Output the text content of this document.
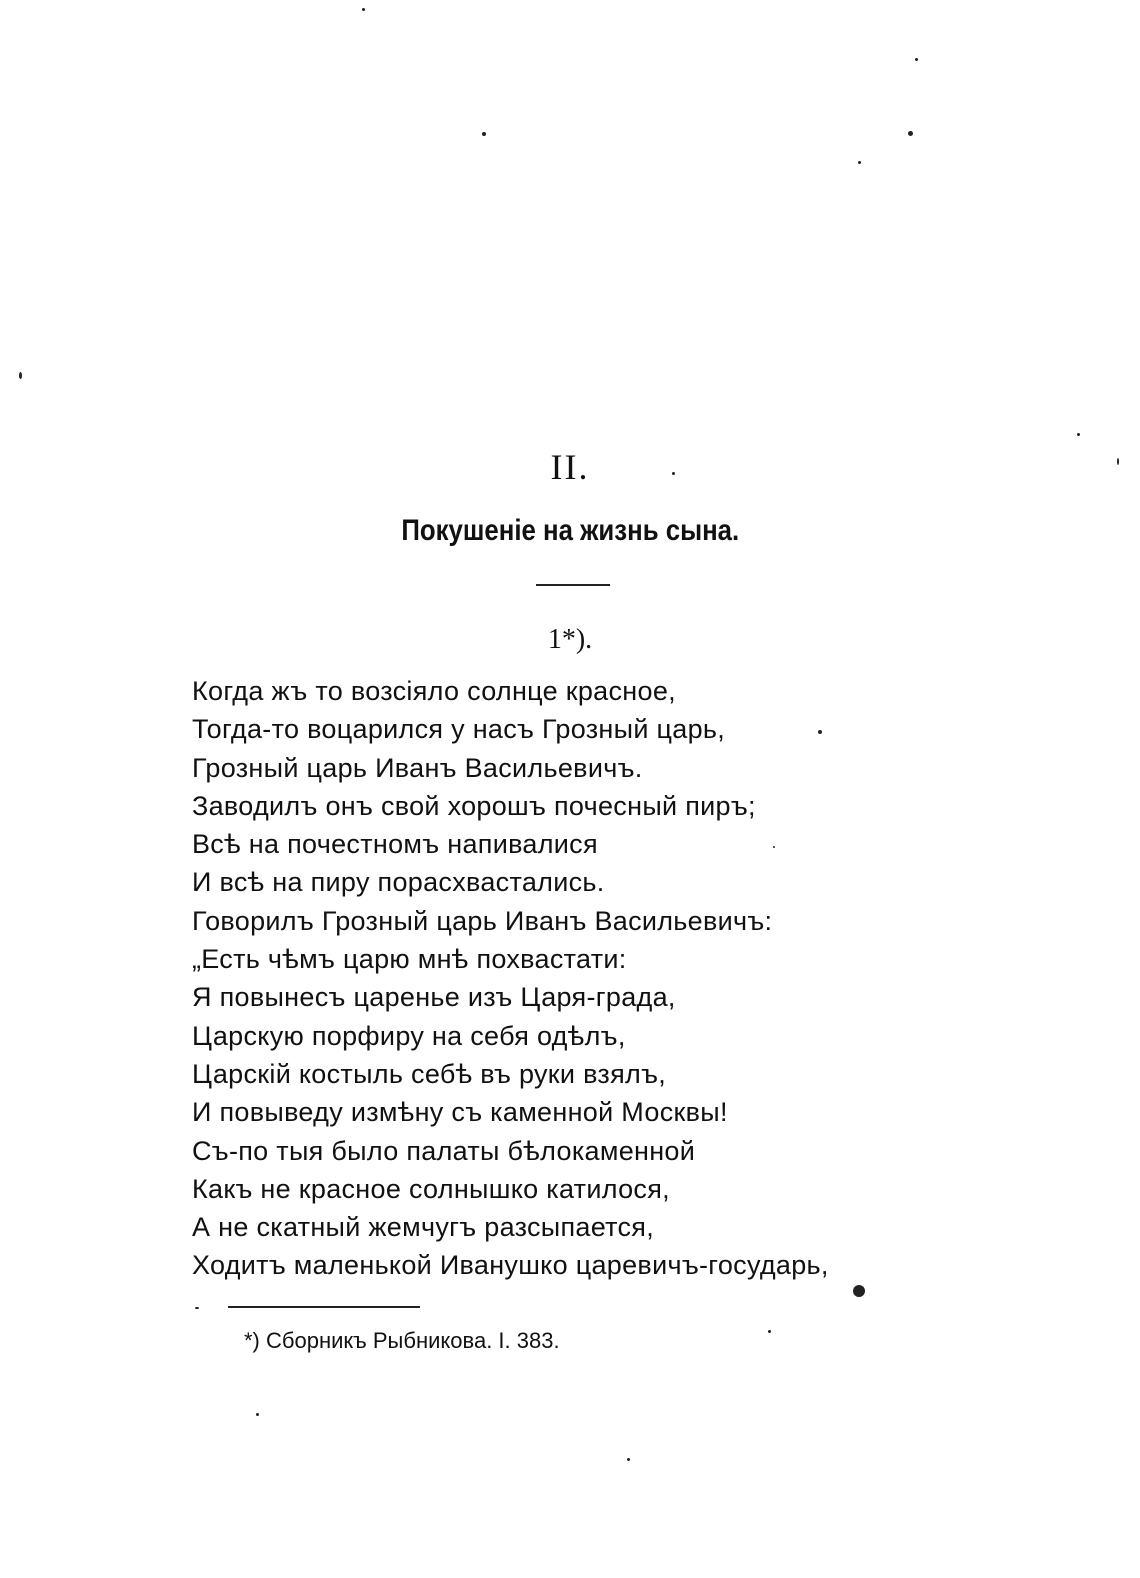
II.
Покушеніе на жизнь сына.
1*).
Когда жъ то возсіяло солнце красное,
Тогда-то воцарился у насъ Грозный царь,
Грозный царь Иванъ Васильевичъ.
Заводилъ онъ свой хорошъ почесный пиръ;
Всѣ на почестномъ напивалися
И всѣ на пиру порасхвастались.
Говорилъ Грозный царь Иванъ Васильевичъ:
„Есть чѣмъ царю мнѣ похвастати:
Я повынесъ царенье изъ Царя-града,
Царскую порфиру на себя одѣлъ,
Царскій костыль себѣ въ руки взялъ,
И повыведу измѣну съ каменной Москвы!
Съ-по тыя было палаты бѣлокаменной
Какъ не красное солнышко катилося,
А не скатный жемчугъ разсыпается,
Ходитъ маленькой Иванушко царевичъ-государь,
*) Сборникъ Рыбникова. I. 383.
